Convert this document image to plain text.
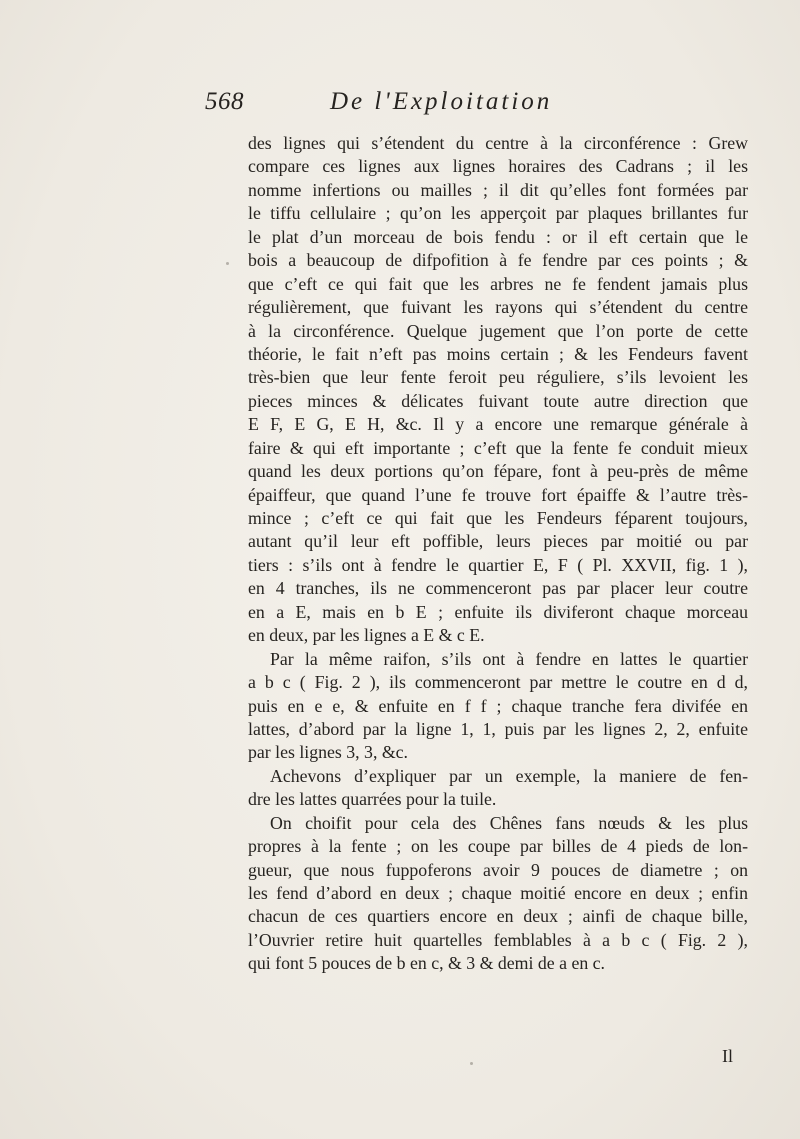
568	De l'Exploitation
des lignes qui s’étendent du centre à la circonférence : Grew
compare ces lignes aux lignes horaires des Cadrans ; il les
nomme infertions ou mailles ; il dit qu’elles font formées par
le tiffu cellulaire ; qu’on les apperçoit par plaques brillantes fur
le plat d’un morceau de bois fendu : or il eft certain que le
bois a beaucoup de difpofition à fe fendre par ces points ; &
que c’eft ce qui fait que les arbres ne fe fendent jamais plus
régulièrement, que fuivant les rayons qui s’étendent du centre
à la circonférence. Quelque jugement que l’on porte de cette
théorie, le fait n’eft pas moins certain ; & les Fendeurs favent
très-bien que leur fente feroit peu réguliere, s’ils levoient les
pieces minces & délicates fuivant toute autre direction que
E F, E G, E H, &c. Il y a encore une remarque générale à
faire & qui eft importante ; c’eft que la fente fe conduit mieux
quand les deux portions qu’on fépare, font à peu-près de même
épaiffeur, que quand l’une fe trouve fort épaiffe & l’autre très-
mince ; c’eft ce qui fait que les Fendeurs féparent toujours,
autant qu’il leur eft poffible, leurs pieces par moitié ou par
tiers : s’ils ont à fendre le quartier E, F ( Pl. XXVII, fig. 1 ),
en 4 tranches, ils ne commenceront pas par placer leur coutre
en a E, mais en b E ; enfuite ils diviferont chaque morceau
en deux, par les lignes a E & c E.
Par la même raifon, s’ils ont à fendre en lattes le quartier
a b c ( Fig. 2 ), ils commenceront par mettre le coutre en d d,
puis en e e, & enfuite en f f ; chaque tranche fera divifée en
lattes, d’abord par la ligne 1, 1, puis par les lignes 2, 2, enfuite
par les lignes 3, 3, &c.
Achevons d’expliquer par un exemple, la maniere de fen-
dre les lattes quarrées pour la tuile.
On choifit pour cela des Chênes fans nœuds & les plus
propres à la fente ; on les coupe par billes de 4 pieds de lon-
gueur, que nous fuppoferons avoir 9 pouces de diametre ; on
les fend d’abord en deux ; chaque moitié encore en deux ; enfin
chacun de ces quartiers encore en deux ; ainfi de chaque bille,
l’Ouvrier retire huit quartelles femblables à a b c ( Fig. 2 ),
qui font 5 pouces de b en c, & 3 & demi de a en c.
Il
